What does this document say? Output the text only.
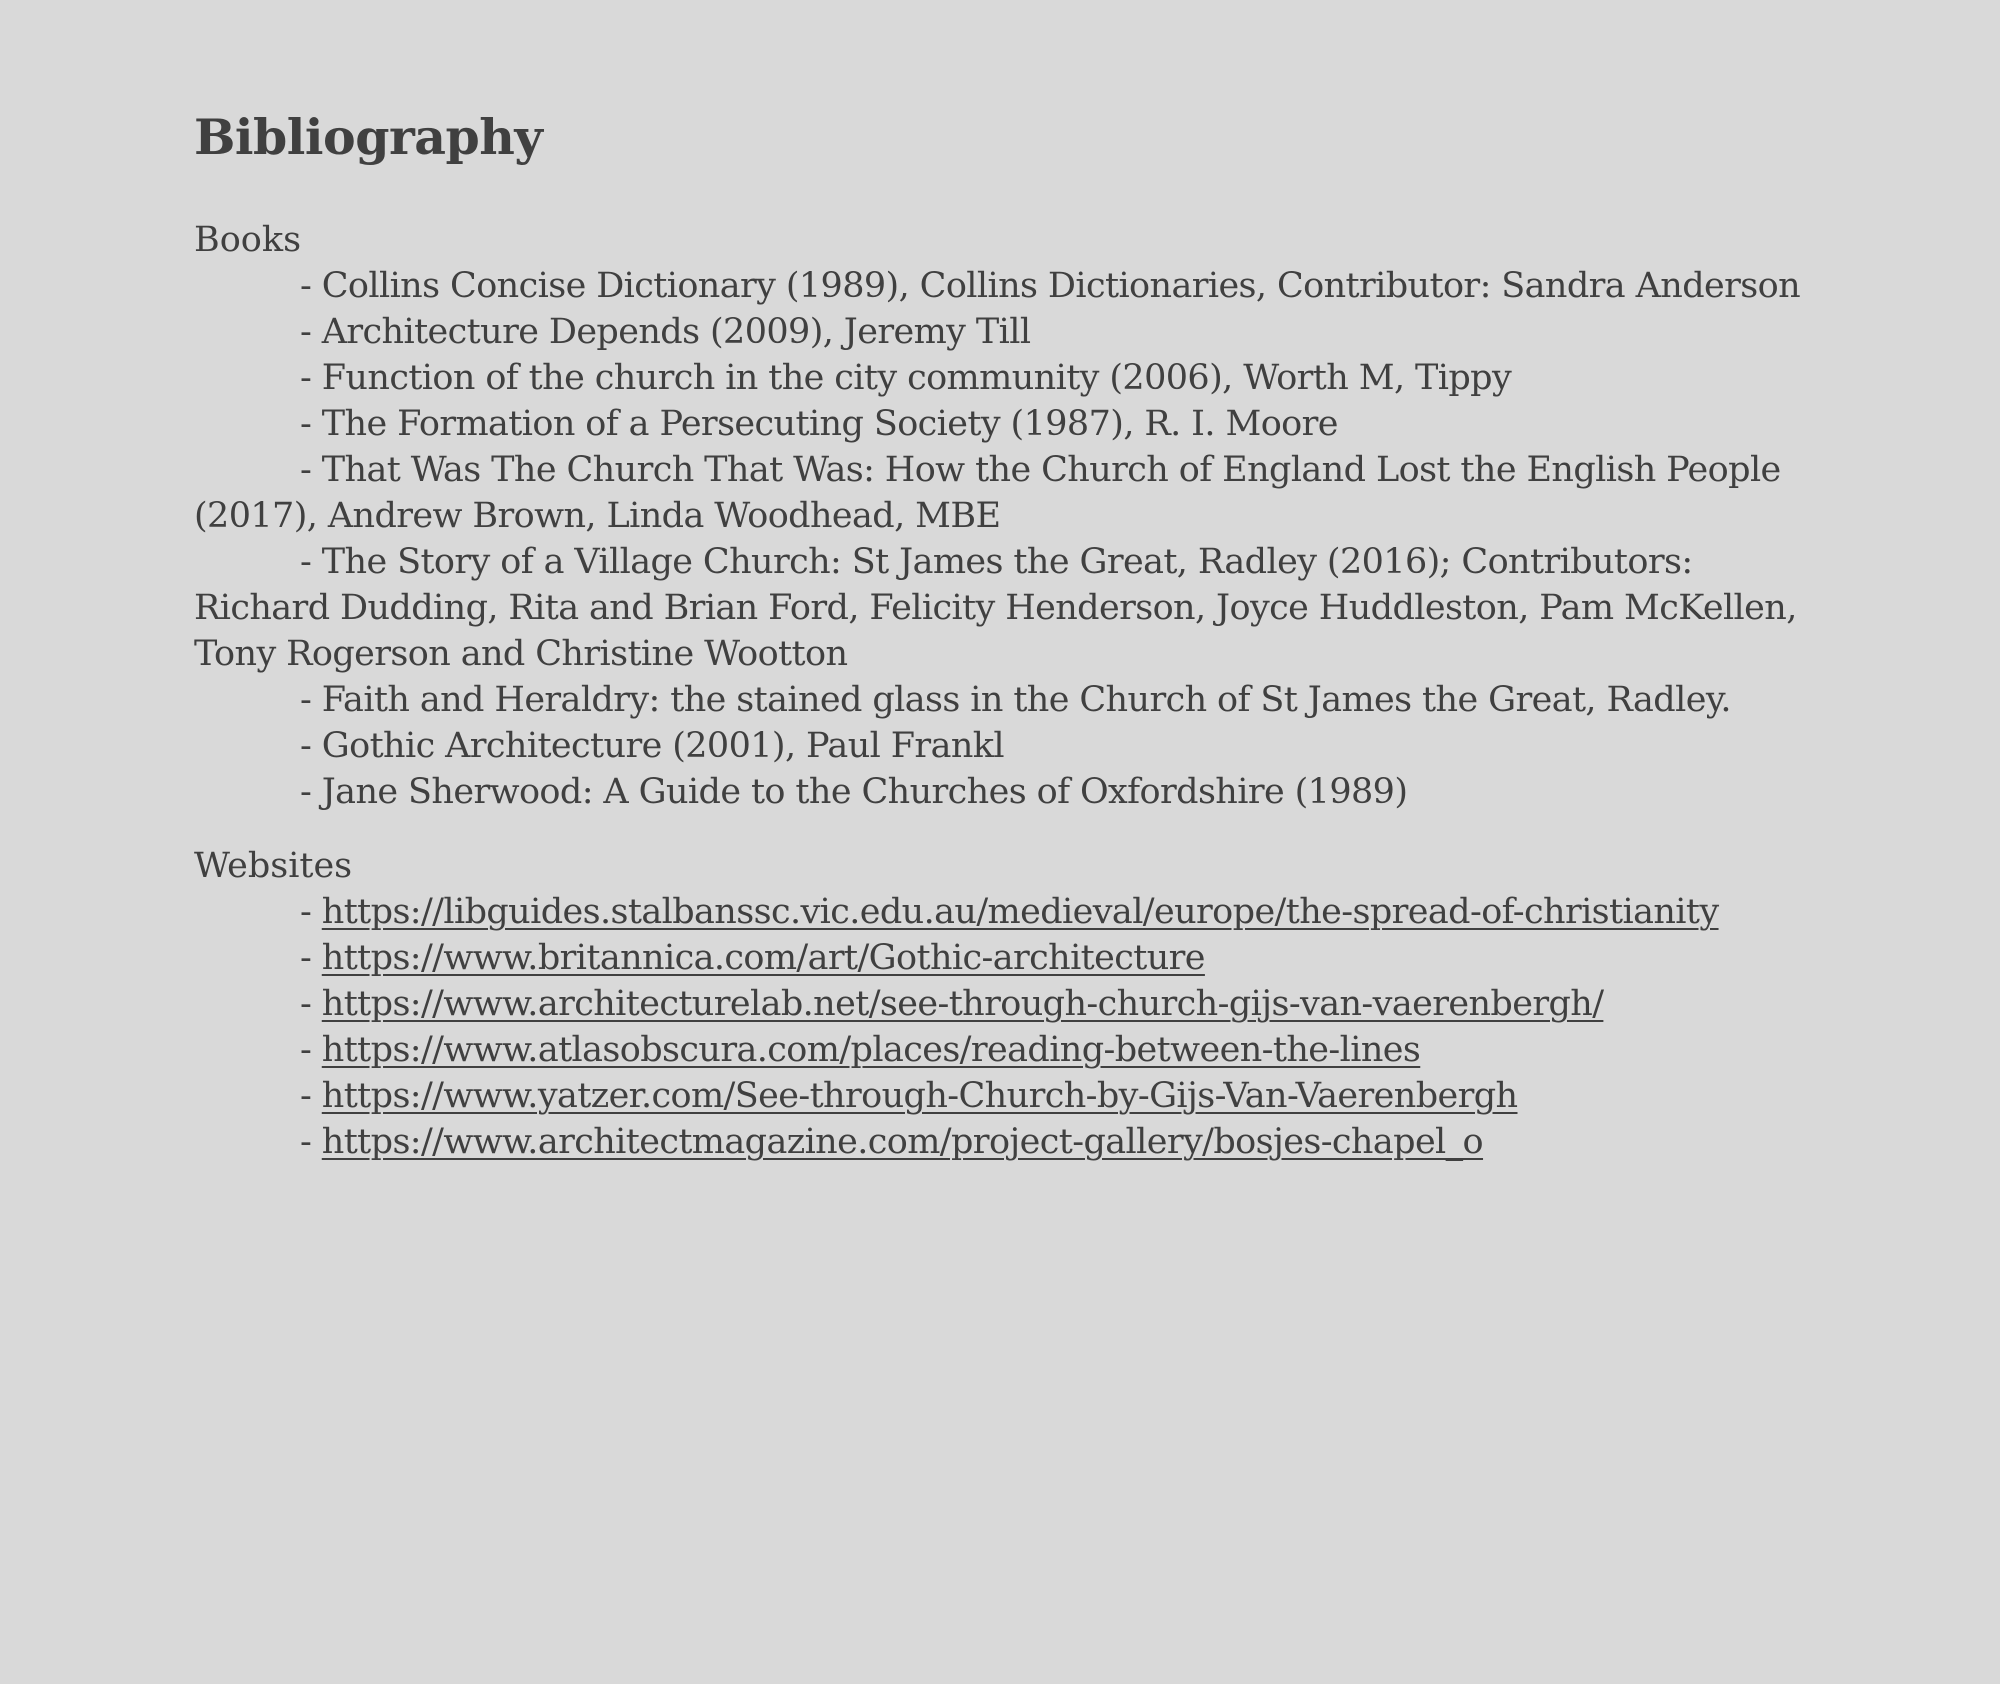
Bibliography

Books

- Collins Concise Dictionary (1989), Collins Dictionaries, Contributor: Sandra Anderson
- Architecture Depends (2009), Jeremy Till
- Function of the church in the city community (2006), Worth M, Tippy
- The Formation of a Persecuting Society (1987), R. I. Moore
- That Was The Church That Was: How the Church of England Lost the English People (2017), Andrew Brown, Linda Woodhead, MBE
- The Story of a Village Church: St James the Great, Radley (2016); Contributors: Richard Dudding, Rita and Brian Ford, Felicity Henderson, Joyce Huddleston, Pam McKellen, Tony Rogerson and Christine Wootton
- Faith and Heraldry: the stained glass in the Church of St James the Great, Radley.
- Gothic Architecture (2001), Paul Frankl
- Jane Sherwood: A Guide to the Churches of Oxfordshire (1989)

Websites

- https://libguides.stalbanssc.vic.edu.au/medieval/europe/the-spread-of-christianity
- https://www.britannica.com/art/Gothic-architecture
- https://www.architecturelab.net/see-through-church-gijs-van-vaerenbergh/
- https://www.atlasobscura.com/places/reading-between-the-lines
- https://www.yatzer.com/See-through-Church-by-Gijs-Van-Vaerenbergh
- https://www.architectmagazine.com/project-gallery/bosjes-chapel_o
